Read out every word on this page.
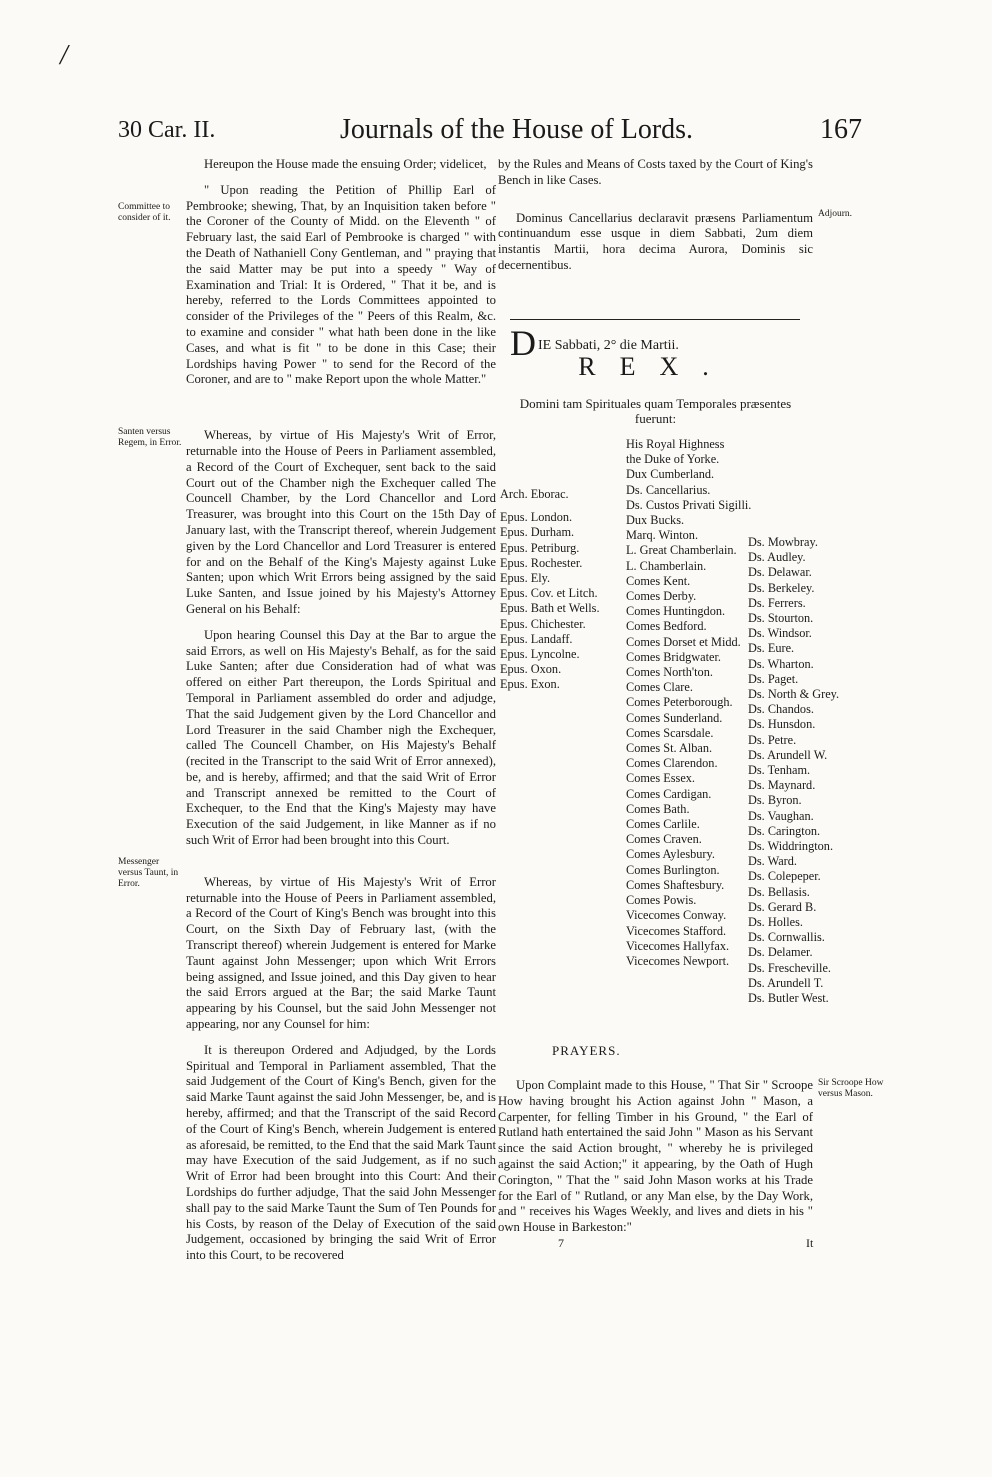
/
30 Car. II.	Journals of the House of Lords.	167
Committee to consider of it.
Santen versus Regem, in Error.
Messenger versus Taunt, in Error.
Adjourn.
Sir Scroope How versus Mason.

Hereupon the House made the ensuing Order; videlicet,

" Upon reading the Petition of Phillip Earl of Pembrooke; shewing, That, by an Inquisition taken before " the Coroner of the County of Midd. on the Eleventh " of February last, the said Earl of Pembrooke is charged " with the Death of Nathaniell Cony Gentleman, and " praying that the said Matter may be put into a speedy " Way of Examination and Trial: It is Ordered, " That it be, and is hereby, referred to the Lords Committees appointed to consider of the Privileges of the " Peers of this Realm, &c. to examine and consider " what hath been done in the like Cases, and what is fit " to be done in this Case; their Lordships having Power " to send for the Record of the Coroner, and are to " make Report upon the whole Matter."

Whereas, by virtue of His Majesty's Writ of Error, returnable into the House of Peers in Parliament assembled, a Record of the Court of Exchequer, sent back to the said Court out of the Chamber nigh the Exchequer called The Councell Chamber, by the Lord Chancellor and Lord Treasurer, was brought into this Court on the 15th Day of January last, with the Transcript thereof, wherein Judgement given by the Lord Chancellor and Lord Treasurer is entered for and on the Behalf of the King's Majesty against Luke Santen; upon which Writ Errors being assigned by the said Luke Santen, and Issue joined by his Majesty's Attorney General on his Behalf:

Upon hearing Counsel this Day at the Bar to argue the said Errors, as well on His Majesty's Behalf, as for the said Luke Santen; after due Consideration had of what was offered on either Part thereupon, the Lords Spiritual and Temporal in Parliament assembled do order and adjudge, That the said Judgement given by the Lord Chancellor and Lord Treasurer in the said Chamber nigh the Exchequer, called The Councell Chamber, on His Majesty's Behalf (recited in the Transcript to the said Writ of Error annexed), be, and is hereby, affirmed; and that the said Writ of Error and Transcript annexed be remitted to the Court of Exchequer, to the End that the King's Majesty may have Execution of the said Judgement, in like Manner as if no such Writ of Error had been brought into this Court.

Whereas, by virtue of His Majesty's Writ of Error returnable into the House of Peers in Parliament assembled, a Record of the Court of King's Bench was brought into this Court, on the Sixth Day of February last, (with the Transcript thereof) wherein Judgement is entered for Marke Taunt against John Messenger; upon which Writ Errors being assigned, and Issue joined, and this Day given to hear the said Errors argued at the Bar; the said Marke Taunt appearing by his Counsel, but the said John Messenger not appearing, nor any Counsel for him:

It is thereupon Ordered and Adjudged, by the Lords Spiritual and Temporal in Parliament assembled, That the said Judgement of the Court of King's Bench, given for the said Marke Taunt against the said John Messenger, be, and is hereby, affirmed; and that the Transcript of the said Record of the Court of King's Bench, wherein Judgement is entered as aforesaid, be remitted, to the End that the said Mark Taunt may have Execution of the said Judgement, as if no such Writ of Error had been brought into this Court: And their Lordships do further adjudge, That the said John Messenger shall pay to the said Marke Taunt the Sum of Ten Pounds for his Costs, by reason of the Delay of Execution of the said Judgement, occasioned by bringing the said Writ of Error into this Court, to be recovered

by the Rules and Means of Costs taxed by the Court of King's Bench in like Cases.

Dominus Cancellarius declaravit præsens Parliamentum continuandum esse usque in diem Sabbati, 2um diem instantis Martii, hora decima Aurora, Dominis sic decernentibus.

DIE Sabbati, 2° die Martii.
REX.
Domini tam Spirituales quam Temporales præsentes fuerunt:
Arch. Eborac.
Epus. London.
Epus. Durham.
Epus. Petriburg.
Epus. Rochester.
Epus. Ely.
Epus. Cov. et Litch.
Epus. Bath et Wells.
Epus. Chichester.
Epus. Landaff.
Epus. Lyncolne.
Epus. Oxon.
Epus. Exon.
His Royal Highness
the Duke of Yorke.
Dux Cumberland.
Ds. Cancellarius.
Ds. Custos Privati Sigilli.
Dux Bucks.
Marq. Winton.
L. Great Chamberlain.
L. Chamberlain.
Comes Kent.
Comes Derby.
Comes Huntingdon.
Comes Bedford.
Comes Dorset et Midd.
Comes Bridgwater.
Comes North'ton.
Comes Clare.
Comes Peterborough.
Comes Sunderland.
Comes Scarsdale.
Comes St. Alban.
Comes Clarendon.
Comes Essex.
Comes Cardigan.
Comes Bath.
Comes Carlile.
Comes Craven.
Comes Aylesbury.
Comes Burlington.
Comes Shaftesbury.
Comes Powis.
Vicecomes Conway.
Vicecomes Stafford.
Vicecomes Hallyfax.
Vicecomes Newport.
Ds. Mowbray.
Ds. Audley.
Ds. Delawar.
Ds. Berkeley.
Ds. Ferrers.
Ds. Stourton.
Ds. Windsor.
Ds. Eure.
Ds. Wharton.
Ds. Paget.
Ds. North & Grey.
Ds. Chandos.
Ds. Hunsdon.
Ds. Petre.
Ds. Arundell W.
Ds. Tenham.
Ds. Maynard.
Ds. Byron.
Ds. Vaughan.
Ds. Carington.
Ds. Widdrington.
Ds. Ward.
Ds. Colepeper.
Ds. Bellasis.
Ds. Gerard B.
Ds. Holles.
Ds. Cornwallis.
Ds. Delamer.
Ds. Frescheville.
Ds. Arundell T.
Ds. Butler West.
PRAYERS.

Upon Complaint made to this House, " That Sir " Scroope How having brought his Action against John " Mason, a Carpenter, for felling Timber in his Ground, " the Earl of Rutland hath entertained the said John " Mason as his Servant since the said Action brought, " whereby he is privileged against the said Action;" it appearing, by the Oath of Hugh Corington, " That the " said John Mason works at his Trade for the Earl of " Rutland, or any Man else, by the Day Work, and " receives his Wages Weekly, and lives and diets in his " own House in Barkeston:"

7	It
